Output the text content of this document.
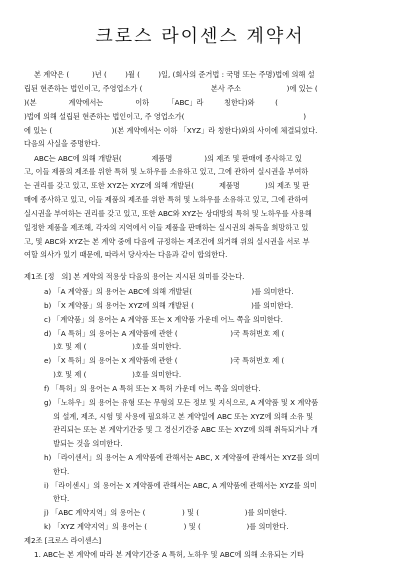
크로스 라이센스 계약서
본 계약은 (          )년 (        )월 (        )일, (회사의 준거법 : 국명 또는 주명)법에 의해 설
립된 현존하는 법인이고, 주영업소가 (                              본사 주소                    )에 있는 (
)(본              계약에서는              이하        「ABC」라         칭한다)와         (
)법에 의해 설립된 현존하는 법인이고, 주 영업소가(                                                    )
에 있는 (                          )(본 계약에서는 이하 「XYZ」라 칭한다)와의 사이에 체결되었다.
다음의 사실을 증명한다.
ABC는 ABC에 의해 개발된(             제품명              )의 제조 및 판매에 종사하고 있
고, 이들 제품의 제조를 위한 특허 및 노하우를 소유하고 있고, 그에 관하여 실시권을 부여하
는 권리를 갖고 있고, 또한 XYZ는 XYZ에 의해 개발된(           제품명           )의 제조 및 판
매에 종사하고 있고, 이들 제품의 제조를 위한 특허 및 노하우를 소유하고 있고, 그에 관하여
실시권을 부여하는 권리를 갖고 있고, 또한 ABC와 XYZ는 상대방의 특허 및 노하우를 사용해
일정한 제품을 제조해, 각자의 지역에서 이들 제품을 판매하는 실시권의 취득을 희망하고 있
고, 및 ABC와 XYZ는 본 계약 중에 다음에 규정하는 제조건에 의거해 위의 실시권을 서로 부
여할 의사가 있기 때문에, 따라서 당사자는 다음과 같이 합의한다.
제1조 [정   의] 본 계약의 적용상 다음의 용어는 지시된 의미를 갖는다.
a) 「A 계약품」의 용어는 ABC에 의해 개발된(                          )를 의미한다.
b) 「X 계약품」의 용어는 XYZ에 의해 개발된 (                         )를 의미한다.
c) 「계약품」의 용어는 A 계약품 또는 X 계약품 가운데 어느 쪽을 의미한다.
d) 「A 특허」의 용어는 A 계약품에 관한 (                       )국 특허번호 제 (
)호 및 제 (                    )호를 의미한다.
e) 「X 특허」의 용어는 X 계약품에 관한 (                       )국 특허번호 제 (
)호 및 제 (                    )호를 의미한다.
f) 「특허」의 용어는 A 특허 또는 X 특허 가운데 어느 쪽을 의미한다.
g) 「노하우」의 용어는 유형 또는 무형의 모든 정보 및 지식으로, A 계약품 및 X 계약품
의 설계, 제조, 시험 및 사용에 필요하고 본 계약일에 ABC 또는 XYZ에 의해 소유 및
관리되는 또는 본 계약기간중 및 그 경신기간중 ABC 또는 XYZ에 의해 취득되거나 개
발되는 것을 의미한다.
h) 「라이센서」의 용어는 A 계약품에 관해서는 ABC, X 계약품에 관해서는 XYZ를 의미
한다.
i) 「라이센시」의 용어는 X 계약품에 관해서는 ABC, A 계약품에 관해서는 XYZ를 의미
한다.
j) 「ABC 계약지역」의 용어는 (                ) 및 (                    )를 의미한다.
k) 「XYZ 계약지역」의 용어는 (                ) 및 (                    )를 의미한다.
제2조 [크로스 라이센스]
1. ABC는 본 계약에 따라 본 계약기간중 A 특허, 노하우 및 ABC에 의해 소유되는 기타
